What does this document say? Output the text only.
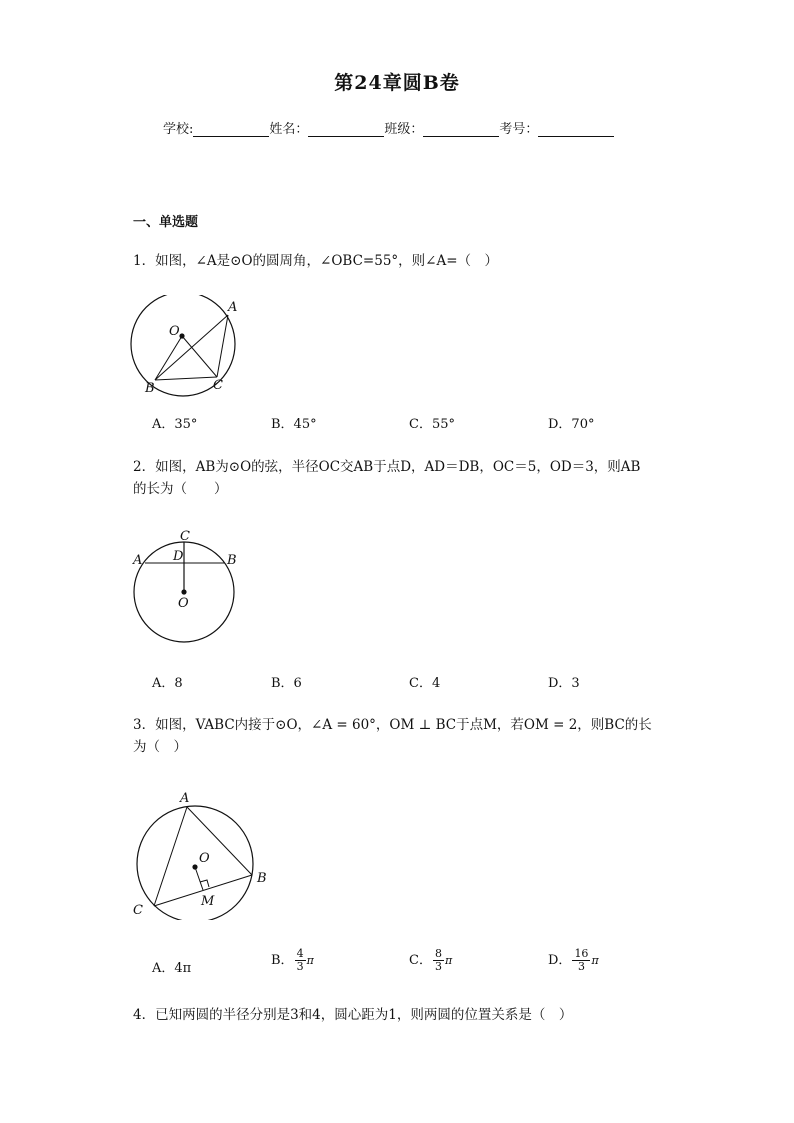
第24章圆B卷
学校:	姓名：	班级：	考号：
一、单选题
1．如图，∠A是⊙O的圆周角，∠OBC=55°，则∠A=（　）
A
O
B	C
A．35°	B．45°	C．55°	D．70°
2．如图，AB为⊙O的弦，半径OC交AB于点D，AD＝DB，OC＝5，OD＝3，则AB
的长为（　　）
C
D
A	B
O
A．8	B．6	C．4	D．3
3．如图，VABC内接于⊙O，∠A = 60°，OM ⊥ BC于点M，若OM = 2，则BC的长
为（　）
A
O
B
C
M
A．4π
B． $\frac{4}{3}$ π	C． $\frac{8}{3}$ π	D． $\frac{16}{3}$ π
4．已知两圆的半径分别是3和4，圆心距为1，则两圆的位置关系是（　）
